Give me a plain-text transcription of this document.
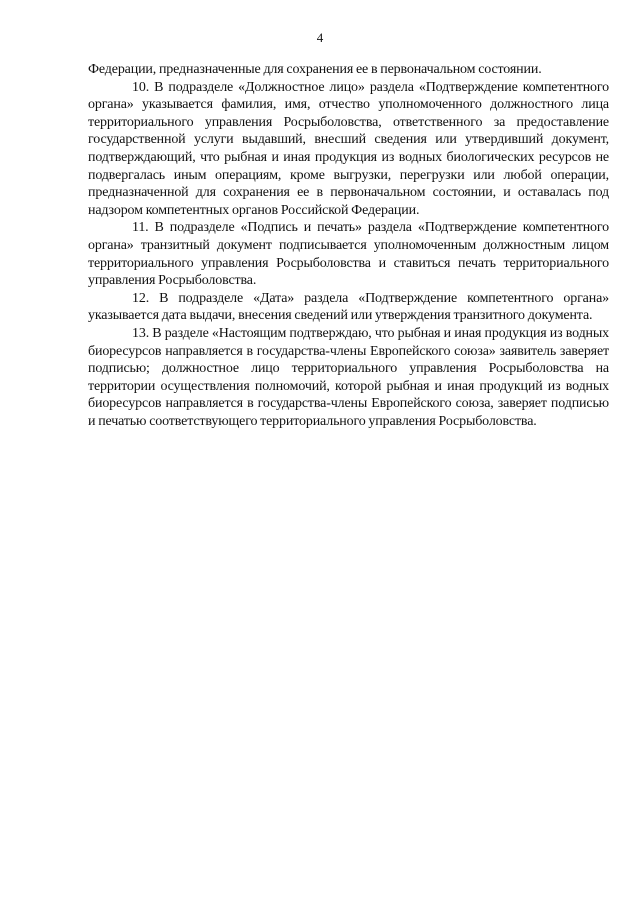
4

Федерации, предназначенные для сохранения ее в первоначальном состоянии.

10. В подразделе «Должностное лицо» раздела «Подтверждение компетентного органа» указывается фамилия, имя, отчество уполномоченного должностного лица территориального управления Росрыболовства, ответственного за предоставление государственной услуги выдавший, внесший сведения или утвердивший документ, подтверждающий, что рыбная и иная продукция из водных биологических ресурсов не подвергалась иным операциям, кроме выгрузки, перегрузки или любой операции, предназначенной для сохранения ее в первоначальном состоянии, и оставалась под надзором компетентных органов Российской Федерации.

11. В подразделе «Подпись и печать» раздела «Подтверждение компетентного органа» транзитный документ подписывается уполномоченным должностным лицом территориального управления Росрыболовства и ставиться печать территориального управления Росрыболовства.

12. В подразделе «Дата» раздела «Подтверждение компетентного органа» указывается дата выдачи, внесения сведений или утверждения транзитного документа.

13. В разделе «Настоящим подтверждаю, что рыбная и иная продукция из водных биоресурсов направляется в государства-члены Европейского союза» заявитель заверяет подписью; должностное лицо территориального управления Росрыболовства на территории осуществления полномочий, которой рыбная и иная продукций из водных биоресурсов направляется в государства-члены Европейского союза, заверяет подписью и печатью соответствующего территориального управления Росрыболовства.
